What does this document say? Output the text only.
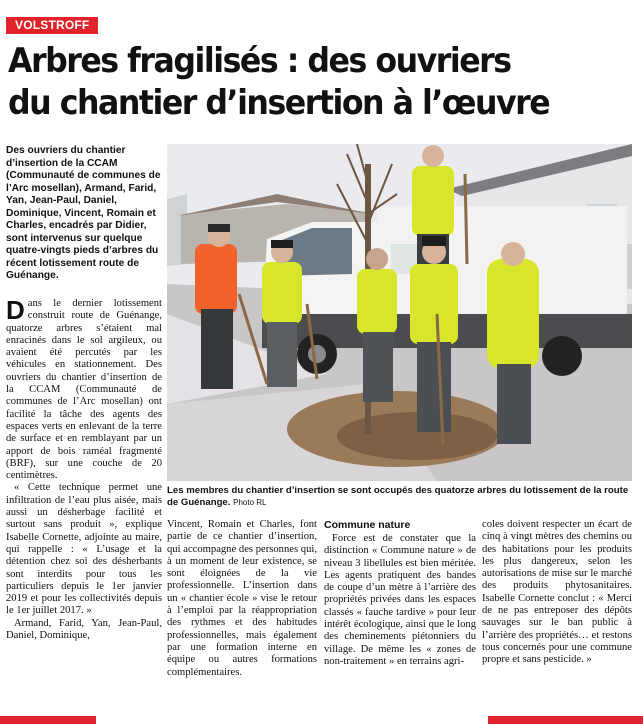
VOLSTROFF
Arbres fragilisés : des ouvriers
du chantier d’insertion à l’œuvre
Des ouvriers du chantier d’insertion de la CCAM (Communauté de communes de l’Arc mosellan), Armand, Farid, Yan, Jean-Paul, Daniel, Dominique, Vincent, Romain et Charles, encadrés par Didier, sont intervenus sur quelque quatre-vingts pieds d’arbres du récent lotissement route de Guénange.

Dans le dernier lotissement construit route de Guénange, quatorze arbres s’étaient mal enracinés dans le sol argileux, ou avaient été percutés par les véhicules en stationnement. Des ouvriers du chantier d’insertion de la CCAM (Communauté de communes de l’Arc mosellan) ont facilité la tâche des agents des espaces verts en enlevant de la terre de surface et en remblayant par un apport de bois raméal fragmenté (BRF), sur une couche de 20 centimètres.

« Cette technique permet une infiltration de l’eau plus aisée, mais aussi un désherbage facilité et surtout sans produit », explique Isabelle Cornette, adjointe au maire, qui rappelle : « L’usage et la détention chez soi des désherbants sont interdits pour tous les particuliers depuis le 1er janvier 2019 et pour les collectivités depuis le 1er juillet 2017. »

Armand, Farid, Yan, Jean-Paul, Daniel, Dominique,

Les membres du chantier d’insertion se sont occupés des quatorze arbres du lotissement de la route de Guénange. Photo RL

Vincent, Romain et Charles, font partie de ce chantier d’insertion, qui accompagne des personnes qui, à un moment de leur existence, se sont éloignées de la vie professionnelle. L’insertion dans un « chantier école » vise le retour à l’emploi par la réappropriation des rythmes et des habitudes professionnelles, mais également par une formation interne en équipe ou autres formations complémentaires.

Commune nature

Force est de constater que la distinction « Commune nature » de niveau 3 libellules est bien méritée. Les agents pratiquent des bandes de coupe d’un mètre à l’arrière des propriétés privées dans les espaces classés « fauche tardive » pour leur intérêt écologique, ainsi que le long des cheminements piétonniers du village. De même les « zones de non-traitement » en terrains agri-

coles doivent respecter un écart de cinq à vingt mètres des chemins ou des habitations pour les produits les plus dangereux, selon les autorisations de mise sur le marché des produits phytosanitaires. Isabelle Cornette conclut : « Merci de ne pas entreposer des dépôts sauvages sur le ban public à l’arrière des propriétés… et restons tous concernés pour une commune propre et sans pesticide. »
